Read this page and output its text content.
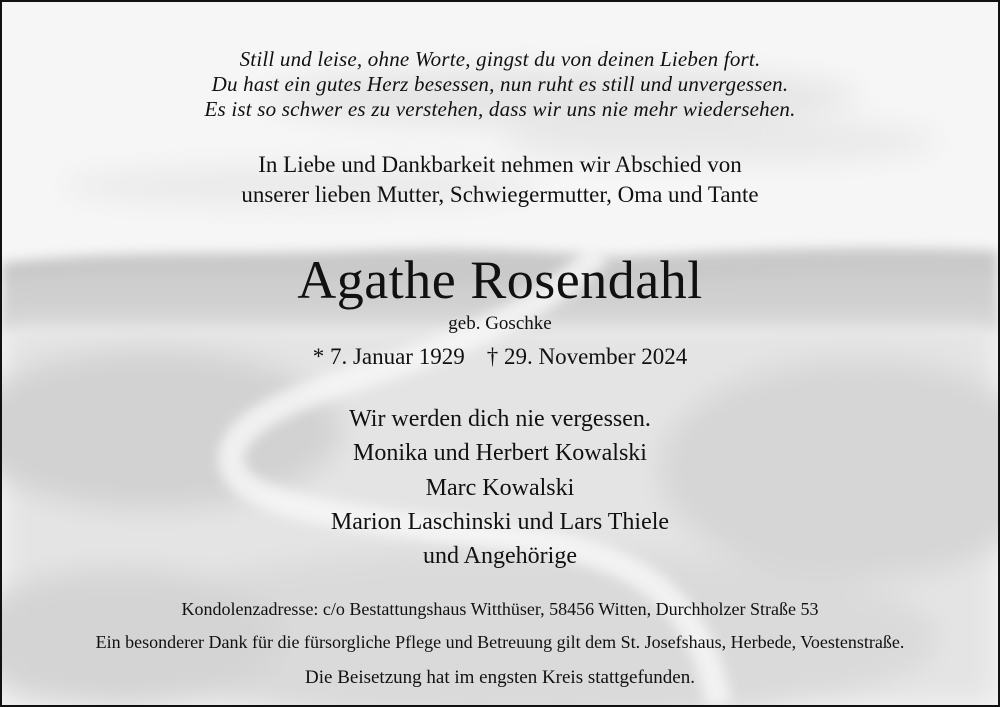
Still und leise, ohne Worte, gingst du von deinen Lieben fort.
Du hast ein gutes Herz besessen, nun ruht es still und unvergessen.
Es ist so schwer es zu verstehen, dass wir uns nie mehr wiedersehen.
In Liebe und Dankbarkeit nehmen wir Abschied von
unserer lieben Mutter, Schwiegermutter, Oma und Tante
Agathe Rosendahl
geb. Goschke
* 7. Januar 1929 † 29. November 2024
Wir werden dich nie vergessen.
Monika und Herbert Kowalski
Marc Kowalski
Marion Laschinski und Lars Thiele
und Angehörige
Kondolenzadresse: c/o Bestattungshaus Witthüser, 58456 Witten, Durchholzer Straße 53
Ein besonderer Dank für die fürsorgliche Pflege und Betreuung gilt dem St. Josefshaus, Herbede, Voestenstraße.
Die Beisetzung hat im engsten Kreis stattgefunden.
